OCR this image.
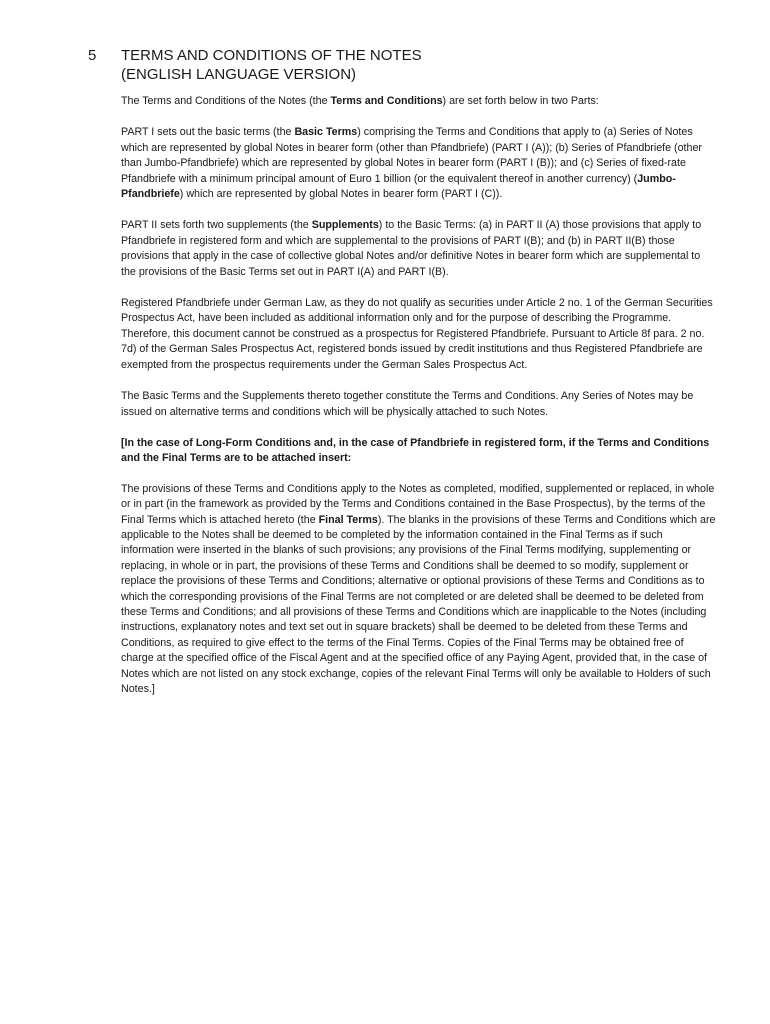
5 TERMS AND CONDITIONS OF THE NOTES
(ENGLISH LANGUAGE VERSION)

The Terms and Conditions of the Notes (the Terms and Conditions) are set forth below in two Parts:

PART I sets out the basic terms (the Basic Terms) comprising the Terms and Conditions that apply to (a) Series of Notes which are represented by global Notes in bearer form (other than Pfandbriefe) (PART I (A)); (b) Series of Pfandbriefe (other than Jumbo-Pfandbriefe) which are represented by global Notes in bearer form (PART I (B)); and (c) Series of fixed-rate Pfandbriefe with a minimum principal amount of Euro 1 billion (or the equivalent thereof in another currency) (Jumbo-Pfandbriefe) which are represented by global Notes in bearer form (PART I (C)).

PART II sets forth two supplements (the Supplements) to the Basic Terms: (a) in PART II (A) those provisions that apply to Pfandbriefe in registered form and which are supplemental to the provisions of PART I(B); and (b) in PART II(B) those provisions that apply in the case of collective global Notes and/or definitive Notes in bearer form which are supplemental to the provisions of the Basic Terms set out in PART I(A) and PART I(B).

Registered Pfandbriefe under German Law, as they do not qualify as securities under Article 2 no. 1 of the German Securities Prospectus Act, have been included as additional information only and for the purpose of describing the Programme. Therefore, this document cannot be construed as a prospectus for Registered Pfandbriefe. Pursuant to Article 8f para. 2 no. 7d) of the German Sales Prospectus Act, registered bonds issued by credit institutions and thus Registered Pfandbriefe are exempted from the prospectus requirements under the German Sales Prospectus Act.

The Basic Terms and the Supplements thereto together constitute the Terms and Conditions. Any Series of Notes may be issued on alternative terms and conditions which will be physically attached to such Notes.

[In the case of Long-Form Conditions and, in the case of Pfandbriefe in registered form, if the Terms and Conditions and the Final Terms are to be attached insert:

The provisions of these Terms and Conditions apply to the Notes as completed, modified, supplemented or replaced, in whole or in part (in the framework as provided by the Terms and Conditions contained in the Base Prospectus), by the terms of the Final Terms which is attached hereto (the Final Terms). The blanks in the provisions of these Terms and Conditions which are applicable to the Notes shall be deemed to be completed by the information contained in the Final Terms as if such information were inserted in the blanks of such provisions; any provisions of the Final Terms modifying, supplementing or replacing, in whole or in part, the provisions of these Terms and Conditions shall be deemed to so modify, supplement or replace the provisions of these Terms and Conditions; alternative or optional provisions of these Terms and Conditions as to which the corresponding provisions of the Final Terms are not completed or are deleted shall be deemed to be deleted from these Terms and Conditions; and all provisions of these Terms and Conditions which are inapplicable to the Notes (including instructions, explanatory notes and text set out in square brackets) shall be deemed to be deleted from these Terms and Conditions, as required to give effect to the terms of the Final Terms. Copies of the Final Terms may be obtained free of charge at the specified office of the Fiscal Agent and at the specified office of any Paying Agent, provided that, in the case of Notes which are not listed on any stock exchange, copies of the relevant Final Terms will only be available to Holders of such Notes.]
